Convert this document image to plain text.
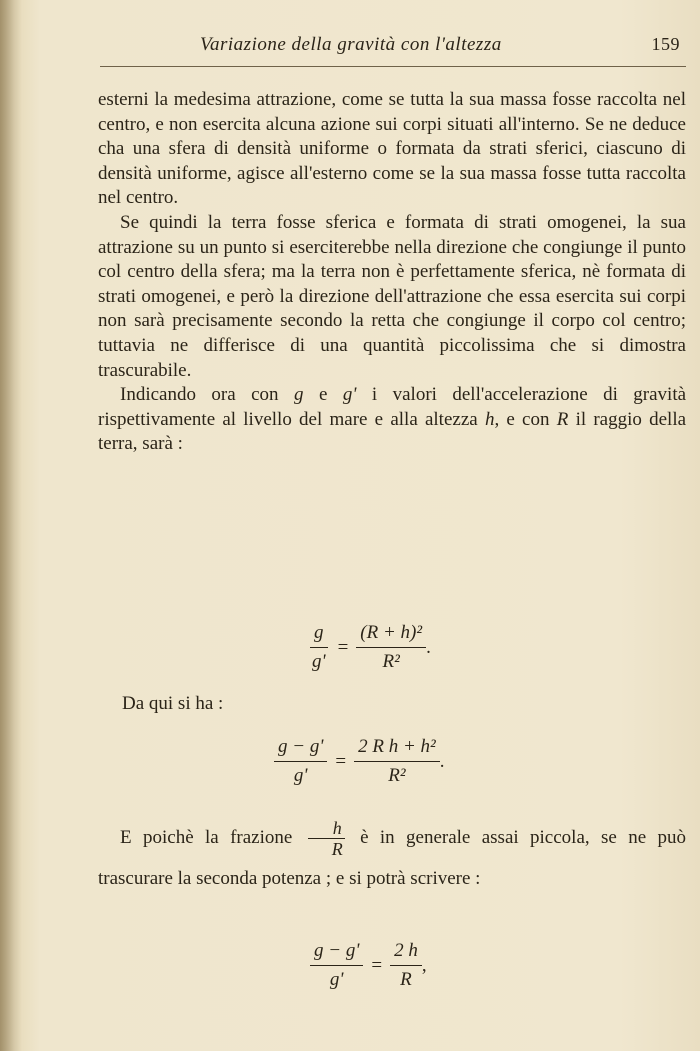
Variazione della gravità con l'altezza	159

esterni la medesima attrazione, come se tutta la sua massa fosse raccolta nel centro, e non esercita alcuna azione sui corpi situati all'interno. Se ne deduce cha una sfera di densità uniforme o formata da strati sferici, ciascuno di densità uniforme, agisce all'esterno come se la sua massa fosse tutta raccolta nel centro.

Se quindi la terra fosse sferica e formata di strati omogenei, la sua attrazione su un punto si eserciterebbe nella direzione che congiunge il punto col centro della sfera; ma la terra non è perfettamente sferica, nè formata di strati omogenei, e però la direzione dell'attrazione che essa esercita sui corpi non sarà precisamente secondo la retta che congiunge il corpo col centro; tuttavia ne differisce di una quantità piccolissima che si dimostra trascurabile.

Indicando ora con g e g' i valori dell'accelerazione di gravità rispettivamente al livello del mare e alla altezza h, e con R il raggio della terra, sarà :

$\frac{g}{g'} = \frac{\text{(R + h)²}}{\text{R²}}$ .

Da qui si ha :

$\frac{g - g'}{g'} = \frac{\text{2 R h + h²}}{\text{R²}}$ .

E poichè la frazione $\frac{h}{R}$ è in generale assai piccola, se ne può trascurare la seconda potenza ; e si potrà scrivere :

$\frac{g - g'}{g'} = \frac{2 h}{R}$ ,
